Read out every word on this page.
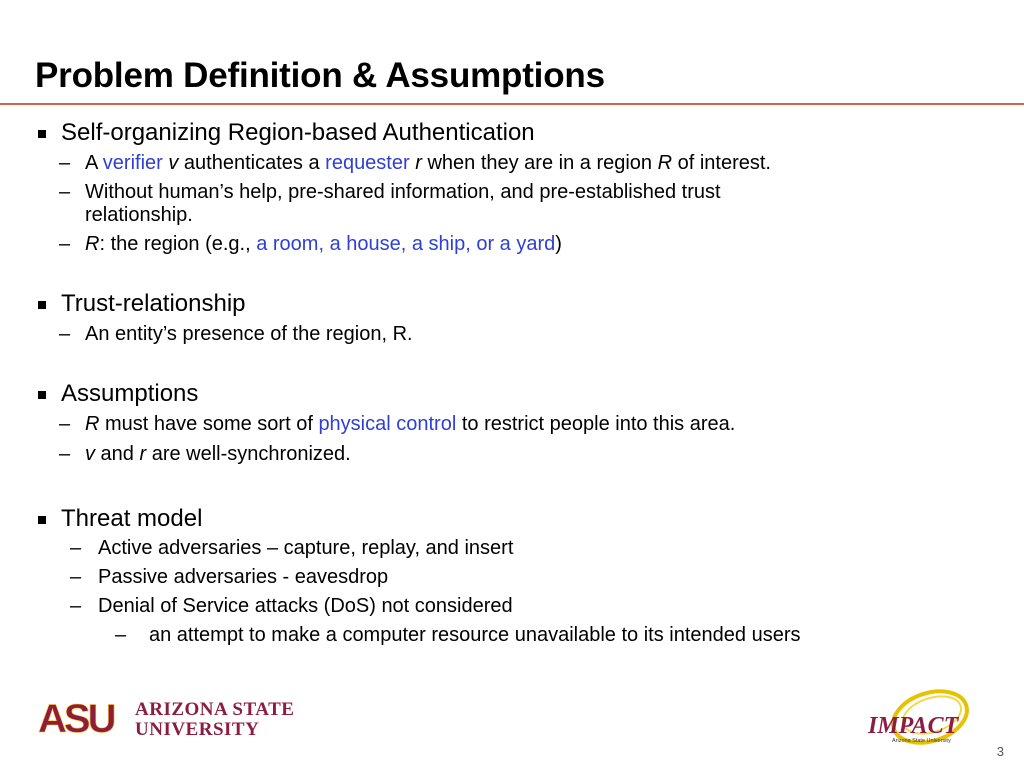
Problem Definition & Assumptions
Self-organizing Region-based Authentication
– A verifier v authenticates a requester r when they are in a region R of interest.
– Without human’s help, pre-shared information, and pre-established trust
relationship.
– R: the region (e.g., a room, a house, a ship, or a yard)
Trust-relationship
– An entity’s presence of the region, R.
Assumptions
– R must have some sort of physical control to restrict people into this area.
– v and r are well-synchronized.
Threat model
– Active adversaries – capture, replay, and insert
– Passive adversaries - eavesdrop
– Denial of Service attacks (DoS) not considered
– an attempt to make a computer resource unavailable to its intended users
ASU ARIZONA STATE
UNIVERSITY	IMPACT
Arizona State University
3
